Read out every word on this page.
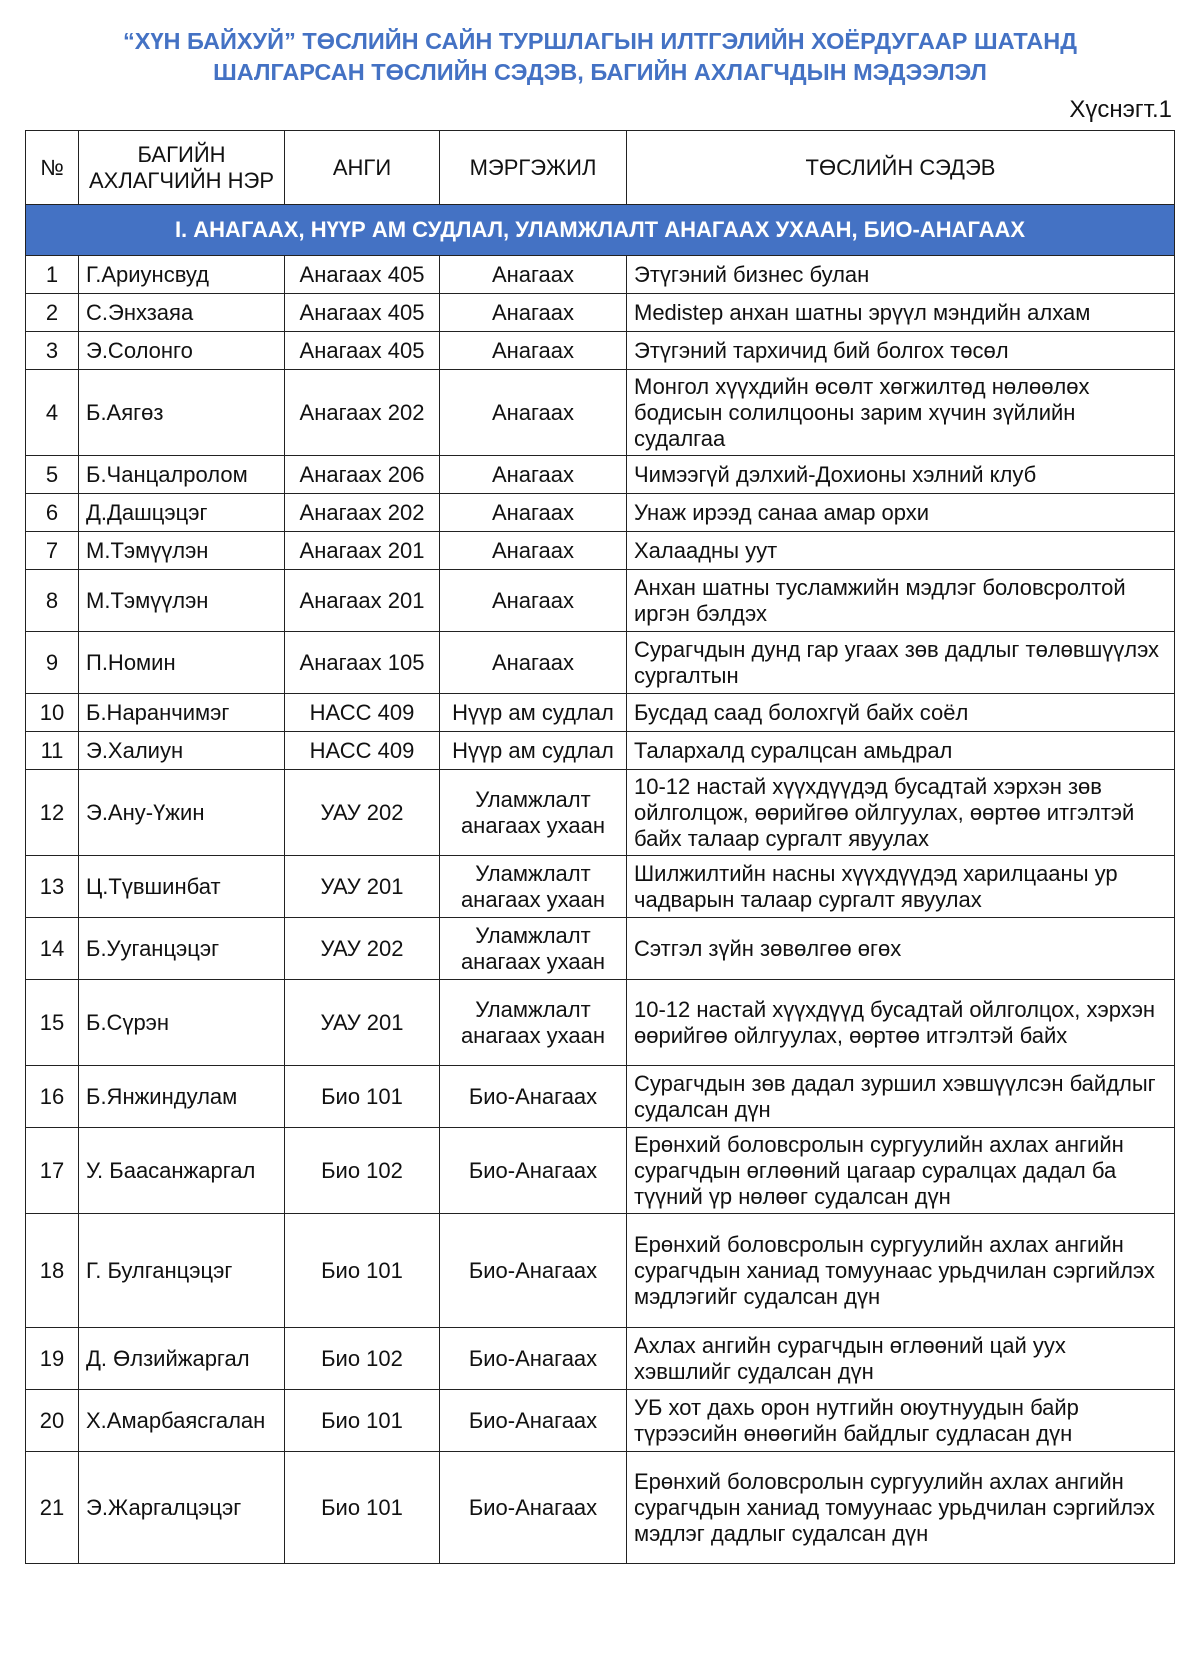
“ХҮН БАЙХУЙ” ТӨСЛИЙН САЙН ТУРШЛАГЫН ИЛТГЭЛИЙН ХОЁРДУГААР ШАТАНД
ШАЛГАРСАН ТӨСЛИЙН СЭДЭВ, БАГИЙН АХЛАГЧДЫН МЭДЭЭЛЭЛ
Хүснэгт.1
№	БАГИЙН АХЛАГЧИЙН НЭР	АНГИ	МЭРГЭЖИЛ	ТӨСЛИЙН СЭДЭВ
I. АНАГААХ, НҮҮР АМ СУДЛАЛ, УЛАМЖЛАЛТ АНАГААХ УХААН, БИО-АНАГААХ				
1	Г.Ариунсвуд	Анагаах 405	Анагаах	Этүгэний бизнес булан
2	С.Энхзаяа	Анагаах 405	Анагаах	Medistep анхан шатны эрүүл мэндийн алхам
3	Э.Солонго	Анагаах 405	Анагаах	Этүгэний тархичид бий болгох төсөл
4	Б.Аягөз	Анагаах 202	Анагаах	Монгол хүүхдийн өсөлт хөгжилтөд нөлөөлөх бодисын солилцооны зарим хүчин зүйлийн судалгаа
5	Б.Чанцалролом	Анагаах 206	Анагаах	Чимээгүй дэлхий-Дохионы хэлний клуб
6	Д.Дашцэцэг	Анагаах 202	Анагаах	Унаж ирээд санаа амар орхи
7	М.Тэмүүлэн	Анагаах 201	Анагаах	Халаадны уут
8	М.Тэмүүлэн	Анагаах 201	Анагаах	Анхан шатны тусламжийн мэдлэг боловсролтой иргэн бэлдэх
9	П.Номин	Анагаах 105	Анагаах	Сурагчдын дунд гар угаах зөв дадлыг төлөвшүүлэх сургалтын
10	Б.Наранчимэг	НАСС 409	Нүүр ам судлал	Бусдад саад болохгүй байх соёл
11	Э.Халиун	НАСС 409	Нүүр ам судлал	Талархалд суралцсан амьдрал
12	Э.Ану-Үжин	УАУ 202	Уламжлалт анагаах ухаан	10-12 настай хүүхдүүдэд бусадтай хэрхэн зөв ойлголцож, өөрийгөө ойлгуулах, өөртөө итгэлтэй байх талаар сургалт явуулах
13	Ц.Түвшинбат	УАУ 201	Уламжлалт анагаах ухаан	Шилжилтийн насны хүүхдүүдэд харилцааны ур чадварын талаар сургалт явуулах
14	Б.Ууганцэцэг	УАУ 202	Уламжлалт анагаах ухаан	Сэтгэл зүйн зөвөлгөө өгөх
15	Б.Сүрэн	УАУ 201	Уламжлалт анагаах ухаан	10-12 настай хүүхдүүд бусадтай ойлголцох, хэрхэн өөрийгөө ойлгуулах, өөртөө итгэлтэй байх
16	Б.Янжиндулам	Био 101	Био-Анагаах	Сурагчдын зөв дадал зуршил хэвшүүлсэн байдлыг судалсан дүн
17	У. Баасанжаргал	Био 102	Био-Анагаах	Ерөнхий боловсролын сургуулийн ахлах ангийн сурагчдын өглөөний цагаар суралцах дадал ба түүний үр нөлөөг судалсан дүн
18	Г. Булганцэцэг	Био 101	Био-Анагаах	Ерөнхий боловсролын сургуулийн ахлах ангийн сурагчдын ханиад томуунаас урьдчилан сэргийлэх мэдлэгийг судалсан дүн
19	Д. Өлзийжаргал	Био 102	Био-Анагаах	Ахлах ангийн сурагчдын өглөөний цай уух хэвшлийг судалсан дүн
20	Х.Амарбаясгалан	Био 101	Био-Анагаах	УБ хот дахь орон нутгийн оюутнуудын байр түрээсийн өнөөгийн байдлыг судласан дүн
21	Э.Жаргалцэцэг	Био 101	Био-Анагаах	Ерөнхий боловсролын сургуулийн ахлах ангийн сурагчдын ханиад томуунаас урьдчилан сэргийлэх мэдлэг дадлыг судалсан дүн
